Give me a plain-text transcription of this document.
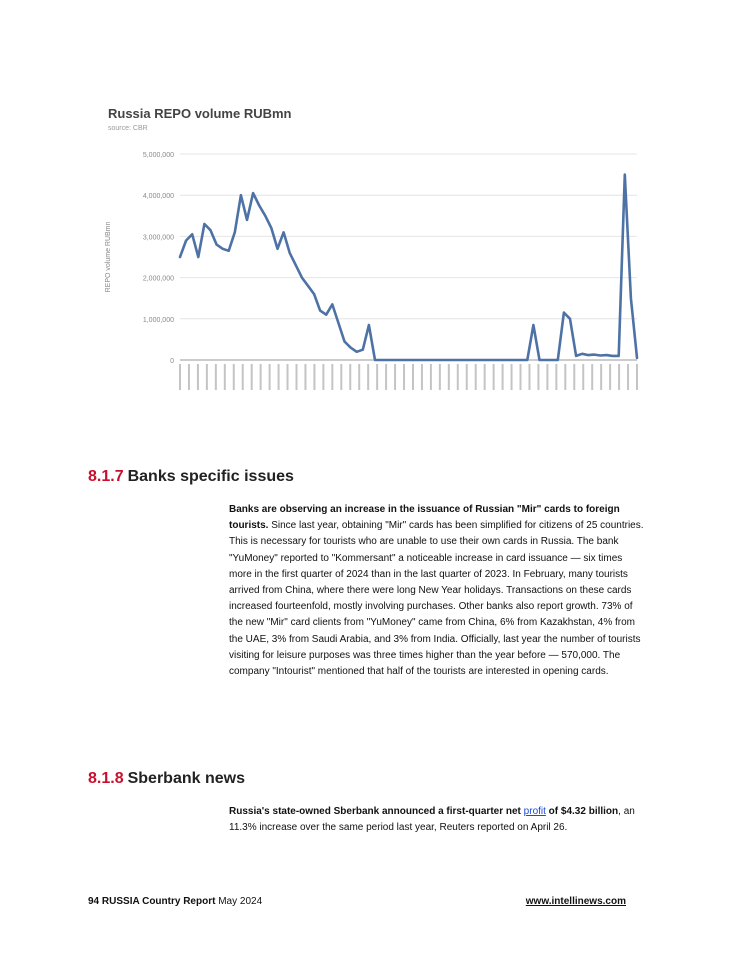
0
1,000,000
2,000,000
3,000,000
4,000,000
5,000,000
REPO volume RUBmn
Russia REPO volume RUBmn
source: CBR
8.1.7 Banks specific issues
Banks are observing an increase in the issuance of Russian "Mir" cards to foreign tourists. Since last year, obtaining "Mir" cards has been simplified for citizens of 25 countries. This is necessary for tourists who are unable to use their own cards in Russia. The bank "YuMoney" reported to "Kommersant" a noticeable increase in card issuance — six times more in the first quarter of 2024 than in the last quarter of 2023. In February, many tourists arrived from China, where there were long New Year holidays. Transactions on these cards increased fourteenfold, mostly involving purchases. Other banks also report growth. 73% of the new "Mir" card clients from "YuMoney" came from China, 6% from Kazakhstan, 4% from the UAE, 3% from Saudi Arabia, and 3% from India. Officially, last year the number of tourists visiting for leisure purposes was three times higher than the year before — 570,000. The company "Intourist" mentioned that half of the tourists are interested in opening cards.
8.1.8 Sberbank news
Russia's state-owned Sberbank announced a first-quarter net profit of $4.32 billion, an 11.3% increase over the same period last year, Reuters reported on April 26.
94 RUSSIA Country Report May 2024	www.intellinews.com
